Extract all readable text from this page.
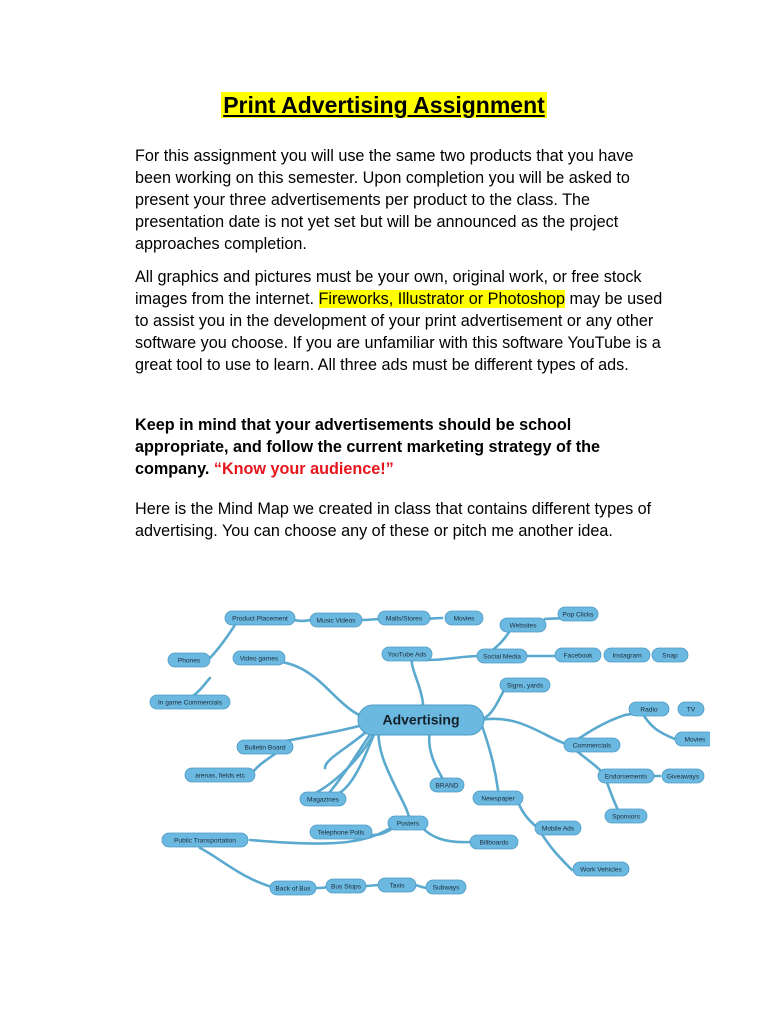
Print Advertising Assignment

For this assignment you will use the same two products that you have been working on this semester. Upon completion you will be asked to present your three advertisements per product to the class. The presentation date is not yet set but will be announced as the project approaches completion.

All graphics and pictures must be your own, original work, or free stock images from the internet. Fireworks, Illustrator or Photoshop may be used to assist you in the development of your print advertisement or any other software you choose. If you are unfamiliar with this software YouTube is a great tool to use to learn. All three ads must be different types of ads.

Keep in mind that your advertisements should be school appropriate, and follow the current marketing strategy of the company. “Know your audience!”

Here is the Mind Map we created in class that contains different types of advertising. You can choose any of these or pitch me another idea.

Advertising
Product Placement	Music Videos	Malls/Stores	Movies
Phones	Video games
In game Commercials
Bulletin Board
arenas, fields etc
Magazines
Public Transportation
Telephone Polls
Posters
BRAND
Newspaper
Billboards
Back of Bus	Bus Stops	Taxis	Subways
YouTube Ads	Social Media
Websites
Pop Clicks
Facebook	Instagram	Snap
Signs, yards
Radio	TV
Commercials
Movies
Endorsements	Giveaways
Sponsors
Mobile Ads
Work Vehicles
